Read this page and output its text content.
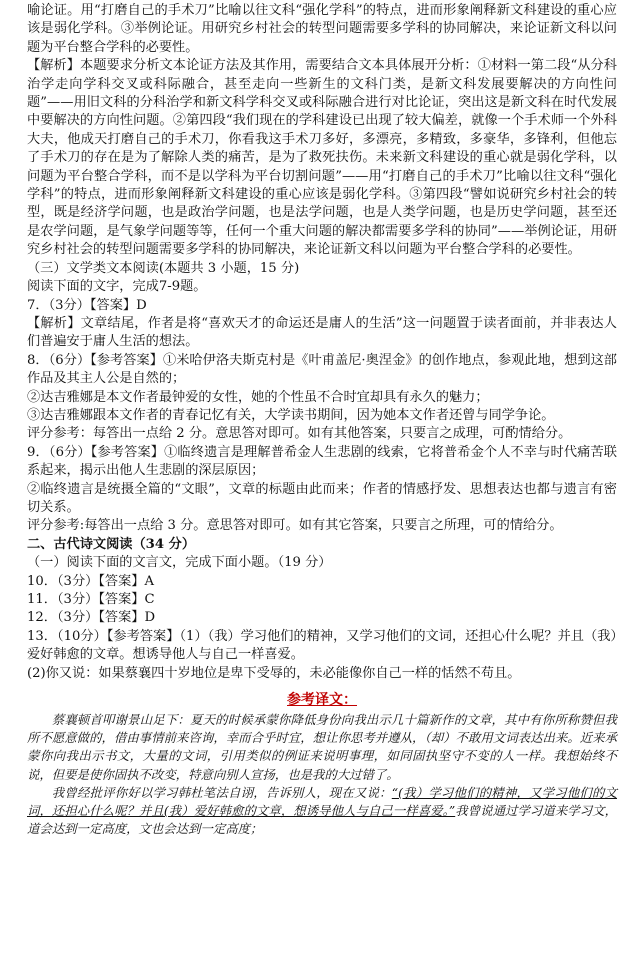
喻论证。用“打磨自己的手术刀”比喻以往文科“强化学科”的特点，进而形象阐释新文科建设的重心应该是弱化学科。③举例论证。用研究乡村社会的转型问题需要多学科的协同解决，来论证新文科以问题为平台整合学科的必要性。

【解析】本题要求分析文本论证方法及其作用，需要结合文本具体展开分析：①材料一第二段“从分科治学走向学科交叉或科际融合，甚至走向一些新生的文科门类，是新文科发展要解决的方向性问题”——用旧文科的分科治学和新文科学科交叉或科际融合进行对比论证，突出这是新文科在时代发展中要解决的方向性问题。②第四段“我们现在的学科建设已出现了较大偏差，就像一个手术师一个外科大夫，他成天打磨自己的手术刀，你看我这手术刀多好，多漂亮，多精致，多豪华，多锋利，但他忘了手术刀的存在是为了解除人类的痛苦，是为了救死扶伤。未来新文科建设的重心就是弱化学科，以问题为平台整合学科，而不是以学科为平台切割问题”——用“打磨自己的手术刀”比喻以往文科“强化学科”的特点，进而形象阐释新文科建设的重心应该是弱化学科。③第四段“譬如说研究乡村社会的转型，既是经济学问题，也是政治学问题，也是法学问题，也是人类学问题，也是历史学问题，甚至还是农学问题，是气象学问题等等，任何一个重大问题的解决都需要多学科的协同”——举例论证，用研究乡村社会的转型问题需要多学科的协同解决，来论证新文科以问题为平台整合学科的必要性。

（三）文学类文本阅读(本题共 3 小题，15 分)

阅读下面的文字，完成7-9题。

7．（3分）【答案】D

【解析】文章结尾，作者是将“喜欢天才的命运还是庸人的生活”这一问题置于读者面前，并非表达人们普遍安于庸人生活的想法。

8．（6分）【参考答案】①米哈伊洛夫斯克村是《叶甫盖尼·奥涅金》的创作地点，参观此地，想到这部作品及其主人公是自然的；

②达吉雅娜是本文作者最钟爱的女性，她的个性虽不合时宜却具有永久的魅力；

③达吉雅娜跟本文作者的青春记忆有关，大学读书期间，因为她本文作者还曾与同学争论。

评分参考：每答出一点给 2 分。意思答对即可。如有其他答案，只要言之成理，可酌情给分。

9．（6分）【参考答案】①临终遗言是理解普希金人生悲剧的线索，它将普希金个人不幸与时代痛苦联系起来，揭示出他人生悲剧的深层原因；

②临终遗言是统摄全篇的“文眼”，文章的标题由此而来；作者的情感抒发、思想表达也都与遗言有密切关系。

评分参考:每答出一点给 3 分。意思答对即可。如有其它答案，只要言之所理，可的情给分。

二、古代诗文阅读（34 分）

（一）阅读下面的文言文，完成下面小题。（19 分）

10．（3分）【答案】A

11．（3分）【答案】C

12．（3分）【答案】D

13．（10分）【参考答案】（1）（我）学习他们的精神，又学习他们的文词，还担心什么呢？并且（我）爱好韩愈的文章。想诱导他人与自己一样喜爱。

(2)你又说：如果蔡襄四十岁地位是卑下受辱的，未必能像你自己一样的恬然不苟且。

参考译文：

蔡襄顿首叩谢景山足下：夏天的时候承蒙你降低身份向我出示几十篇新作的文章，其中有你所称赞但我所不愿意做的，借由事情前来咨询，幸而合乎时宜，想让你思考并遵从，（却）不敢用文词表达出来。近来承蒙你向我出示书文，大量的文词，引用类似的例证来说明事理，如同固执坚守不变的人一样。我想始终不说，但要是使你固执不改变，特意向别人宣扬，也是我的大过错了。

我曾经批评你好以学习韩杜笔法自诩，告诉别人，现在又说：“(我）学习他们的精神，又学习他们的文词，还担心什么呢？并且(我）爱好韩愈的文章，想诱导他人与自己一样喜爱。”我曾说通过学习道来学习文，道会达到一定高度，文也会达到一定高度；
